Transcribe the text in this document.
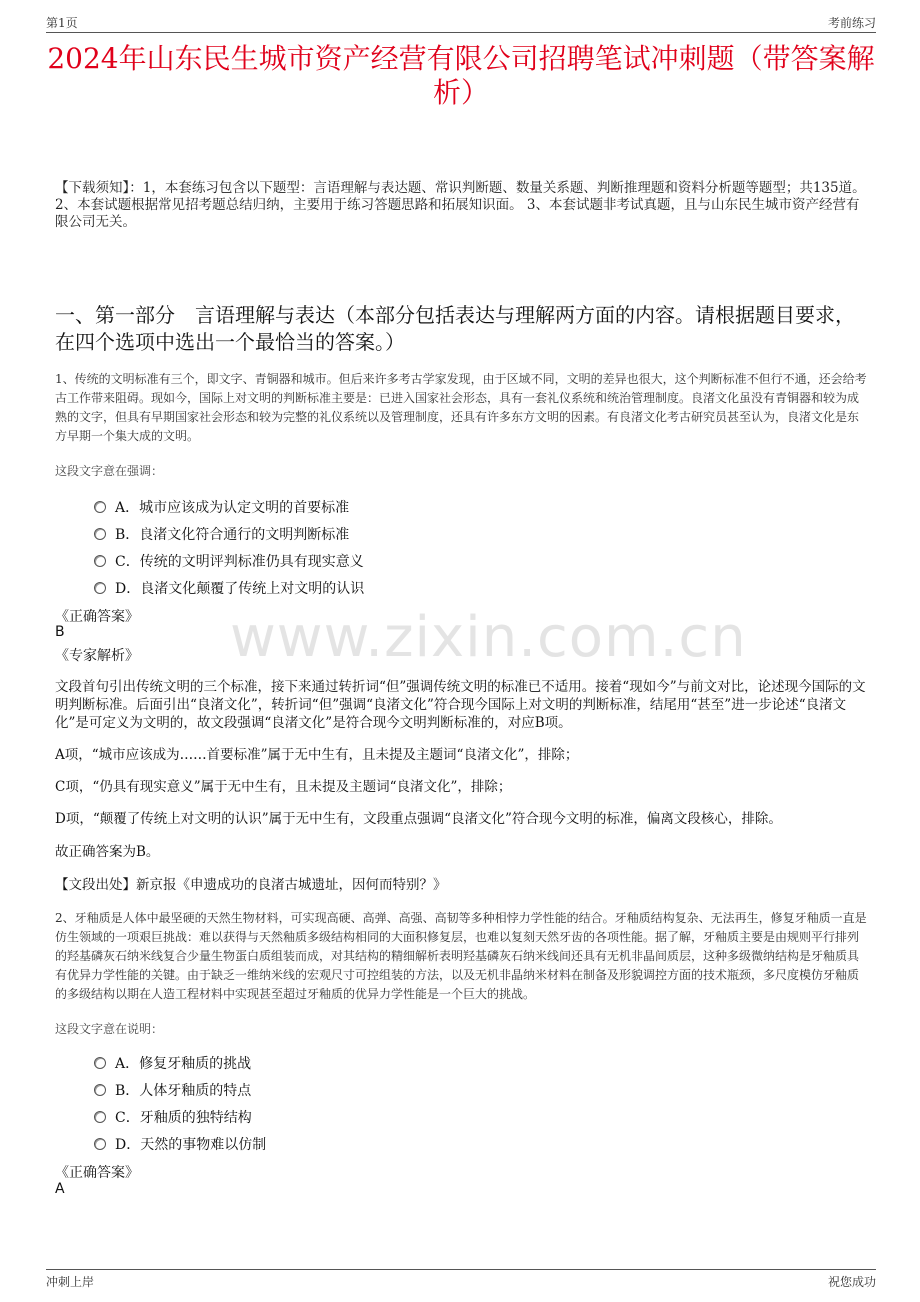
第1页	考前练习
2024年山东民生城市资产经营有限公司招聘笔试冲刺题（带答案解析）
【下载须知】：1，本套练习包含以下题型：言语理解与表达题、常识判断题、数量关系题、判断推理题和资料分析题等题型；共135道。 2、本套试题根据常见招考题总结归纳，主要用于练习答题思路和拓展知识面。 3、本套试题非考试真题，且与山东民生城市资产经营有限公司无关。
一、第一部分　言语理解与表达（本部分包括表达与理解两方面的内容。请根据题目要求，在四个选项中选出一个最恰当的答案。）
www.zixin.com.cn
1、传统的文明标准有三个，即文字、青铜器和城市。但后来许多考古学家发现，由于区域不同，文明的差异也很大，这个判断标准不但行不通，还会给考古工作带来阻碍。现如今，国际上对文明的判断标准主要是：已进入国家社会形态，具有一套礼仪系统和统治管理制度。良渚文化虽没有青铜器和较为成熟的文字，但具有早期国家社会形态和较为完整的礼仪系统以及管理制度，还具有许多东方文明的因素。有良渚文化考古研究员甚至认为，良渚文化是东方早期一个集大成的文明。
这段文字意在强调：
A．城市应该成为认定文明的首要标准
B．良渚文化符合通行的文明判断标准
C．传统的文明评判标准仍具有现实意义
D．良渚文化颠覆了传统上对文明的认识
《正确答案》
B
《专家解析》
文段首句引出传统文明的三个标准，接下来通过转折词“但”强调传统文明的标准已不适用。接着“现如今”与前文对比，论述现今国际的文明判断标准。后面引出“良渚文化”，转折词“但”强调“良渚文化”符合现今国际上对文明的判断标准，结尾用“甚至”进一步论述“良渚文化”是可定义为文明的，故文段强调“良渚文化”是符合现今文明判断标准的，对应B项。
A项，“城市应该成为……首要标准”属于无中生有，且未提及主题词“良渚文化”，排除；
C项，“仍具有现实意义”属于无中生有，且未提及主题词“良渚文化”，排除；
D项，“颠覆了传统上对文明的认识”属于无中生有，文段重点强调“良渚文化”符合现今文明的标准，偏离文段核心，排除。
故正确答案为B。
【文段出处】新京报《申遗成功的良渚古城遗址，因何而特别？》
2、牙釉质是人体中最坚硬的天然生物材料，可实现高硬、高弹、高强、高韧等多种相悖力学性能的结合。牙釉质结构复杂、无法再生，修复牙釉质一直是仿生领域的一项艰巨挑战：难以获得与天然釉质多级结构相同的大面积修复层，也难以复刻天然牙齿的各项性能。据了解，牙釉质主要是由规则平行排列的羟基磷灰石纳米线复合少量生物蛋白质组装而成，对其结构的精细解析表明羟基磷灰石纳米线间还具有无机非晶间质层，这种多级微纳结构是牙釉质具有优异力学性能的关键。由于缺乏一维纳米线的宏观尺寸可控组装的方法，以及无机非晶纳米材料在制备及形貌调控方面的技术瓶颈，多尺度模仿牙釉质的多级结构以期在人造工程材料中实现甚至超过牙釉质的优异力学性能是一个巨大的挑战。
这段文字意在说明：
A．修复牙釉质的挑战
B．人体牙釉质的特点
C．牙釉质的独特结构
D．天然的事物难以仿制
《正确答案》
A
冲刺上岸	祝您成功
